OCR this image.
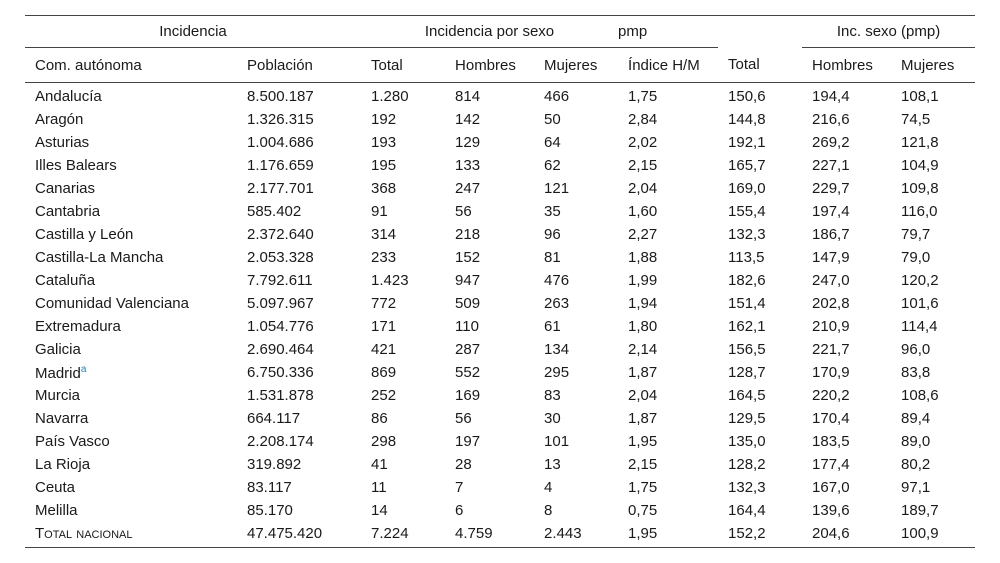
Incidencia		Incidencia por sexo			pmp		Inc. sexo (pmp)	
Com. autónoma	Población	Total	Hombres	Mujeres	Índice H/M	Total	Hombres	Mujeres
Andalucía	8.500.187	1.280	814	466	1,75	150,6	194,4	108,1
Aragón	1.326.315	192	142	50	2,84	144,8	216,6	74,5
Asturias	1.004.686	193	129	64	2,02	192,1	269,2	121,8
Illes Balears	1.176.659	195	133	62	2,15	165,7	227,1	104,9
Canarias	2.177.701	368	247	121	2,04	169,0	229,7	109,8
Cantabria	585.402	91	56	35	1,60	155,4	197,4	116,0
Castilla y León	2.372.640	314	218	96	2,27	132,3	186,7	79,7
Castilla-La Mancha	2.053.328	233	152	81	1,88	113,5	147,9	79,0
Cataluña	7.792.611	1.423	947	476	1,99	182,6	247,0	120,2
Comunidad Valenciana	5.097.967	772	509	263	1,94	151,4	202,8	101,6
Extremadura	1.054.776	171	110	61	1,80	162,1	210,9	114,4
Galicia	2.690.464	421	287	134	2,14	156,5	221,7	96,0
Madrid$^a$	6.750.336	869	552	295	1,87	128,7	170,9	83,8
Murcia	1.531.878	252	169	83	2,04	164,5	220,2	108,6
Navarra	664.117	86	56	30	1,87	129,5	170,4	89,4
País Vasco	2.208.174	298	197	101	1,95	135,0	183,5	89,0
La Rioja	319.892	41	28	13	2,15	128,2	177,4	80,2
Ceuta	83.117	11	7	4	1,75	132,3	167,0	97,1
Melilla	85.170	14	6	8	0,75	164,4	139,6	189,7
Total nacional	47.475.420	7.224	4.759	2.443	1,95	152,2	204,6	100,9
